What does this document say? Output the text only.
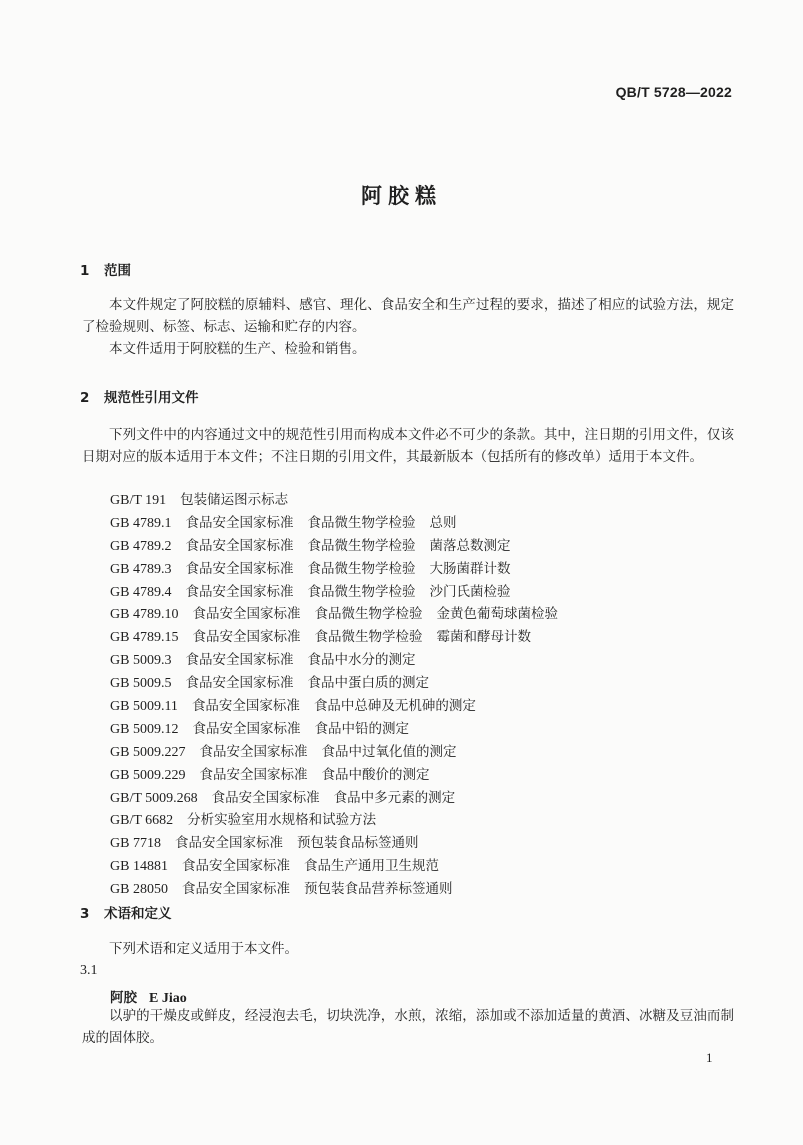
QB/T 5728—2022
阿胶糕
1 范围

本文件规定了阿胶糕的原辅料、感官、理化、食品安全和生产过程的要求，描述了相应的试验方法，规定了检验规则、标签、标志、运输和贮存的内容。

本文件适用于阿胶糕的生产、检验和销售。

2 规范性引用文件

下列文件中的内容通过文中的规范性引用而构成本文件必不可少的条款。其中，注日期的引用文件，仅该日期对应的版本适用于本文件；不注日期的引用文件，其最新版本（包括所有的修改单）适用于本文件。

GB/T 191 包装储运图示标志
GB 4789.1 食品安全国家标准 食品微生物学检验 总则
GB 4789.2 食品安全国家标准 食品微生物学检验 菌落总数测定
GB 4789.3 食品安全国家标准 食品微生物学检验 大肠菌群计数
GB 4789.4 食品安全国家标准 食品微生物学检验 沙门氏菌检验
GB 4789.10 食品安全国家标准 食品微生物学检验 金黄色葡萄球菌检验
GB 4789.15 食品安全国家标准 食品微生物学检验 霉菌和酵母计数
GB 5009.3 食品安全国家标准 食品中水分的测定
GB 5009.5 食品安全国家标准 食品中蛋白质的测定
GB 5009.11 食品安全国家标准 食品中总砷及无机砷的测定
GB 5009.12 食品安全国家标准 食品中铅的测定
GB 5009.227 食品安全国家标准 食品中过氧化值的测定
GB 5009.229 食品安全国家标准 食品中酸价的测定
GB/T 5009.268 食品安全国家标准 食品中多元素的测定
GB/T 6682 分析实验室用水规格和试验方法
GB 7718 食品安全国家标准 预包装食品标签通则
GB 14881 食品安全国家标准 食品生产通用卫生规范
GB 28050 食品安全国家标准 预包装食品营养标签通则
3 术语和定义

下列术语和定义适用于本文件。

3.1
阿胶 E Jiao

以驴的干燥皮或鲜皮，经浸泡去毛，切块洗净，水煎，浓缩，添加或不添加适量的黄酒、冰糖及豆油而制成的固体胶。

1
